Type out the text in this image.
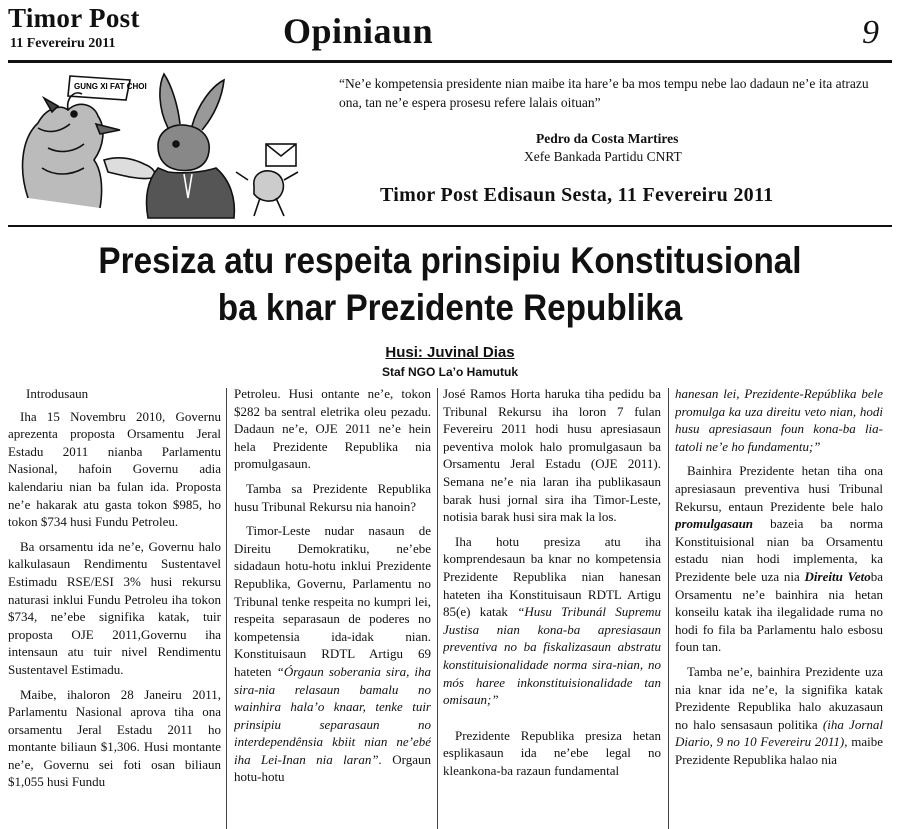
Timor Post
11 Fevereiru 2011	Opiniaun	9
GUNG XI FAT CHOI	“Ne’e kompetensia presidente nian maibe ita hare’e ba mos tempu nebe lao dadaun ne’e ita atrazu ona, tan ne’e espera prosesu refere lalais oituan”
Pedro da Costa Martires
Xefe Bankada Partidu CNRT
Timor Post Edisaun Sesta, 11 Fevereiru 2011
Presiza atu respeita prinsipiu Konstitusional
ba knar Prezidente Republika
Husi: Juvinal Dias
Staf NGO La’o Hamutuk

Introdusaun

Iha 15 Novembru 2010, Governu aprezenta proposta Orsamentu Jeral Estadu 2011 nianba Parlamentu Nasional, hafoin Governu adia kalendariu nian ba fulan ida. Proposta ne’e hakarak atu gasta tokon $985, ho tokon $734 husi Fundu Petroleu.

Ba orsamentu ida ne’e, Governu halo kalkulasaun Rendimentu Sustentavel Estimadu RSE/ESI 3% husi rekursu naturasi inklui Fundu Petroleu iha tokon $734, ne’ebe signifika katak, tuir proposta OJE 2011,Governu iha intensaun atu tuir nivel Rendimentu Sustentavel Estimadu.

Maibe, ihaloron 28 Janeiru 2011, Parlamentu Nasional aprova tiha ona orsamentu Jeral Estadu 2011 ho montante biliaun $1,306. Husi montante ne’e, Governu sei foti osan biliaun $1,055 husi Fundu

Petroleu. Husi ontante ne’e, tokon $282 ba sentral eletrika oleu pezadu. Dadaun ne’e, OJE 2011 ne’e hein hela Prezidente Republika nia promulgasaun.

Tamba sa Prezidente Republika husu Tribunal Rekursu nia hanoin?

Timor-Leste nudar nasaun de Direitu Demokratiku, ne’ebe sidadaun hotu-hotu inklui Prezidente Republika, Governu, Parlamentu no Tribunal tenke respeita no kumpri lei, respeita separasaun de poderes no kompetensia ida-idak nian. Konstituisaun RDTL Artigu 69 hateten “Órgaun soberania sira, iha sira-nia relasaun bamalu no wainhira hala’o knaar, tenke tuir prinsipiu separasaun no interdependênsia kbiit nian ne’ebé iha Lei-Inan nia laran”. Orgaun hotu-hotu

José Ramos Horta haruka tiha pedidu ba Tribunal Rekursu iha loron 7 fulan Fevereiru 2011 hodi husu apresiasaun peventiva molok halo promulgasaun ba Orsamentu Jeral Estadu (OJE 2011). Semana ne’e nia laran iha publikasaun barak husi jornal sira iha Timor-Leste, notisia barak husi sira mak la los.

Iha hotu presiza atu iha komprendesaun ba knar no kompetensia Prezidente Republika nian hanesan hateten iha Konstituisaun RDTL Artigu 85(e) katak “Husu Tribunál Supremu Justisa nian kona-ba apresiasaun preventiva no ba fiskalizasaun abstratu konstituisionalidade norma sira-nian, no mós haree inkonstituisionalidade tan omisaun;”

Prezidente Republika presiza hetan esplikasaun ida ne’ebe legal no kleankona-ba razaun fundamental

hanesan lei, Prezidente-Repúblika bele promulga ka uza direitu veto nian, hodi husu apresiasaun foun kona-ba lia-tatoli ne’e ho fundamentu;”

Bainhira Prezidente hetan tiha ona apresiasaun preventiva husi Tribunal Rekursu, entaun Prezidente bele halo promulgasaun bazeia ba norma Konstituisional nian ba Orsamentu estadu nian hodi implementa, ka Prezidente bele uza nia Direitu Vetoba Orsamentu ne’e bainhira nia hetan konseilu katak iha ilegalidade ruma no hodi fo fila ba Parlamentu halo esbosu foun tan.

Tamba ne’e, bainhira Prezidente uza nia knar ida ne’e, la signifika katak Prezidente Republika halo akuzasaun no halo sensasaun politika (iha Jornal Diario, 9 no 10 Fevereiru 2011), maibe Prezidente Republika halao nia
